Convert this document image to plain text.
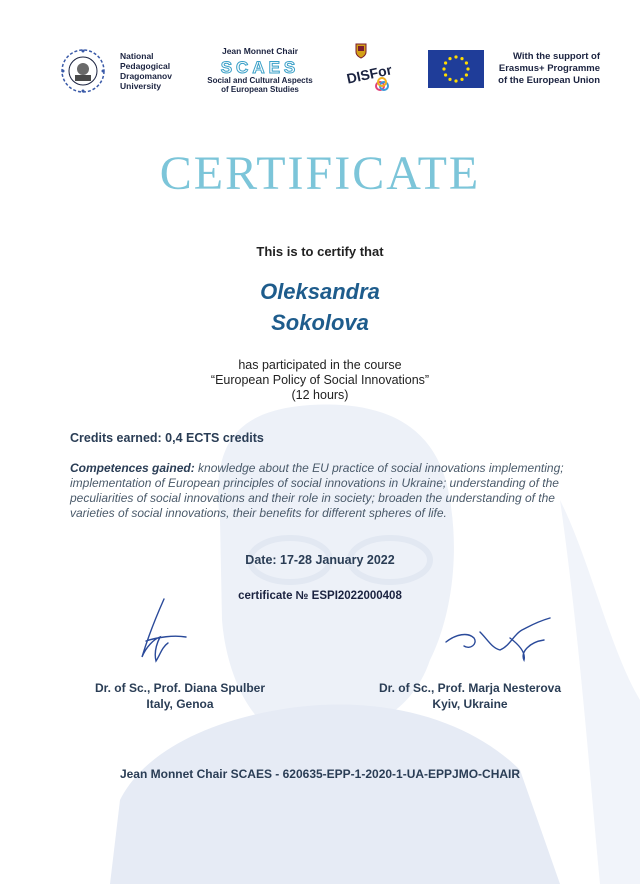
National
Pedagogical
Dragomanov
University
Jean Monnet Chair
SCAES
Social and Cultural Aspects
of European Studies
DISFor
With the support of
Erasmus+ Programme
of the European Union
CERTIFICATE
This is to certify that
Oleksandra
Sokolova
has participated in the course
“European Policy of Social Innovations”
(12 hours)
Credits earned: 0,4 ECTS credits
Competences gained: knowledge about the EU practice of social innovations implementing; implementation of European principles of social innovations in Ukraine; understanding of the peculiarities of social innovations and their role in society; broaden the understanding of the varieties of social innovations, their benefits for different spheres of life.
Date: 17-28 January 2022
certificate № ESPI2022000408
Dr. of Sc., Prof. Diana Spulber
Italy, Genoa
Dr. of Sc., Prof. Marja Nesterova
Kyiv, Ukraine
Jean Monnet Chair SCAES - 620635-EPP-1-2020-1-UA-EPPJMO-CHAIR
